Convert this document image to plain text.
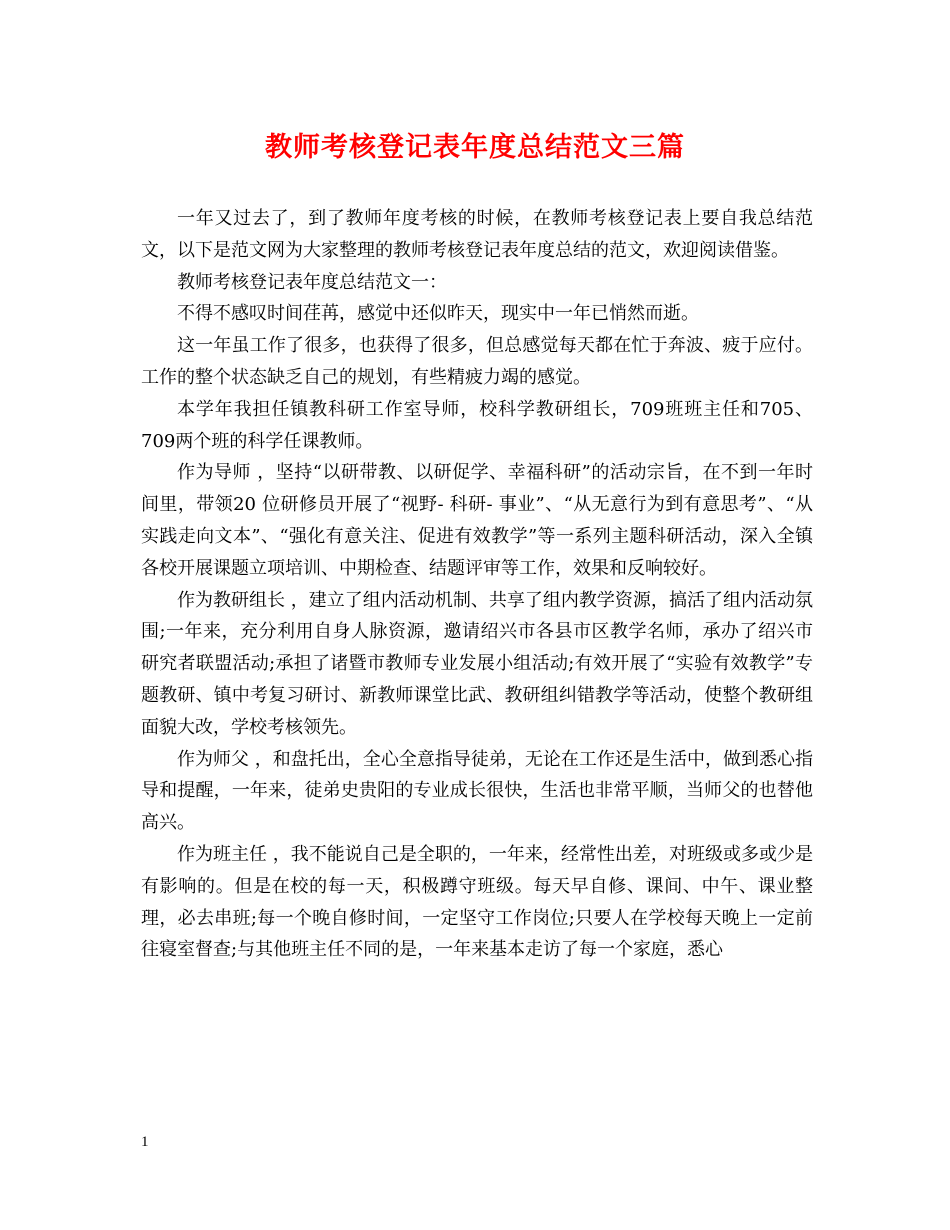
教师考核登记表年度总结范文三篇

一年又过去了，到了教师年度考核的时候，在教师考核登记表上要自我总结范文，以下是范文网为大家整理的教师考核登记表年度总结的范文，欢迎阅读借鉴。

教师考核登记表年度总结范文一：

不得不感叹时间荏苒，感觉中还似昨天，现实中一年已悄然而逝。

这一年虽工作了很多，也获得了很多，但总感觉每天都在忙于奔波、疲于应付。工作的整个状态缺乏自己的规划，有些精疲力竭的感觉。

本学年我担任镇教科研工作室导师，校科学教研组长，709班班主任和705、709两个班的科学任课教师。

作为导师 ，坚持“以研带教、以研促学、幸福科研”的活动宗旨，在不到一年时间里，带领20 位研修员开展了“视野- 科研- 事业”、“从无意行为到有意思考”、“从实践走向文本”、“强化有意关注、促进有效教学”等一系列主题科研活动，深入全镇各校开展课题立项培训、中期检查、结题评审等工作，效果和反响较好。

作为教研组长 ，建立了组内活动机制、共享了组内教学资源，搞活了组内活动氛围;一年来，充分利用自身人脉资源，邀请绍兴市各县市区教学名师，承办了绍兴市研究者联盟活动;承担了诸暨市教师专业发展小组活动;有效开展了“实验有效教学”专题教研、镇中考复习研讨、新教师课堂比武、教研组纠错教学等活动，使整个教研组面貌大改，学校考核领先。

作为师父 ，和盘托出，全心全意指导徒弟，无论在工作还是生活中，做到悉心指导和提醒，一年来，徒弟史贵阳的专业成长很快，生活也非常平顺，当师父的也替他高兴。

作为班主任 ，我不能说自己是全职的，一年来，经常性出差，对班级或多或少是有影响的。但是在校的每一天，积极蹲守班级。每天早自修、课间、中午、课业整理，必去串班;每一个晚自修时间，一定坚守工作岗位;只要人在学校每天晚上一定前往寝室督查;与其他班主任不同的是，一年来基本走访了每一个家庭，悉心

1
